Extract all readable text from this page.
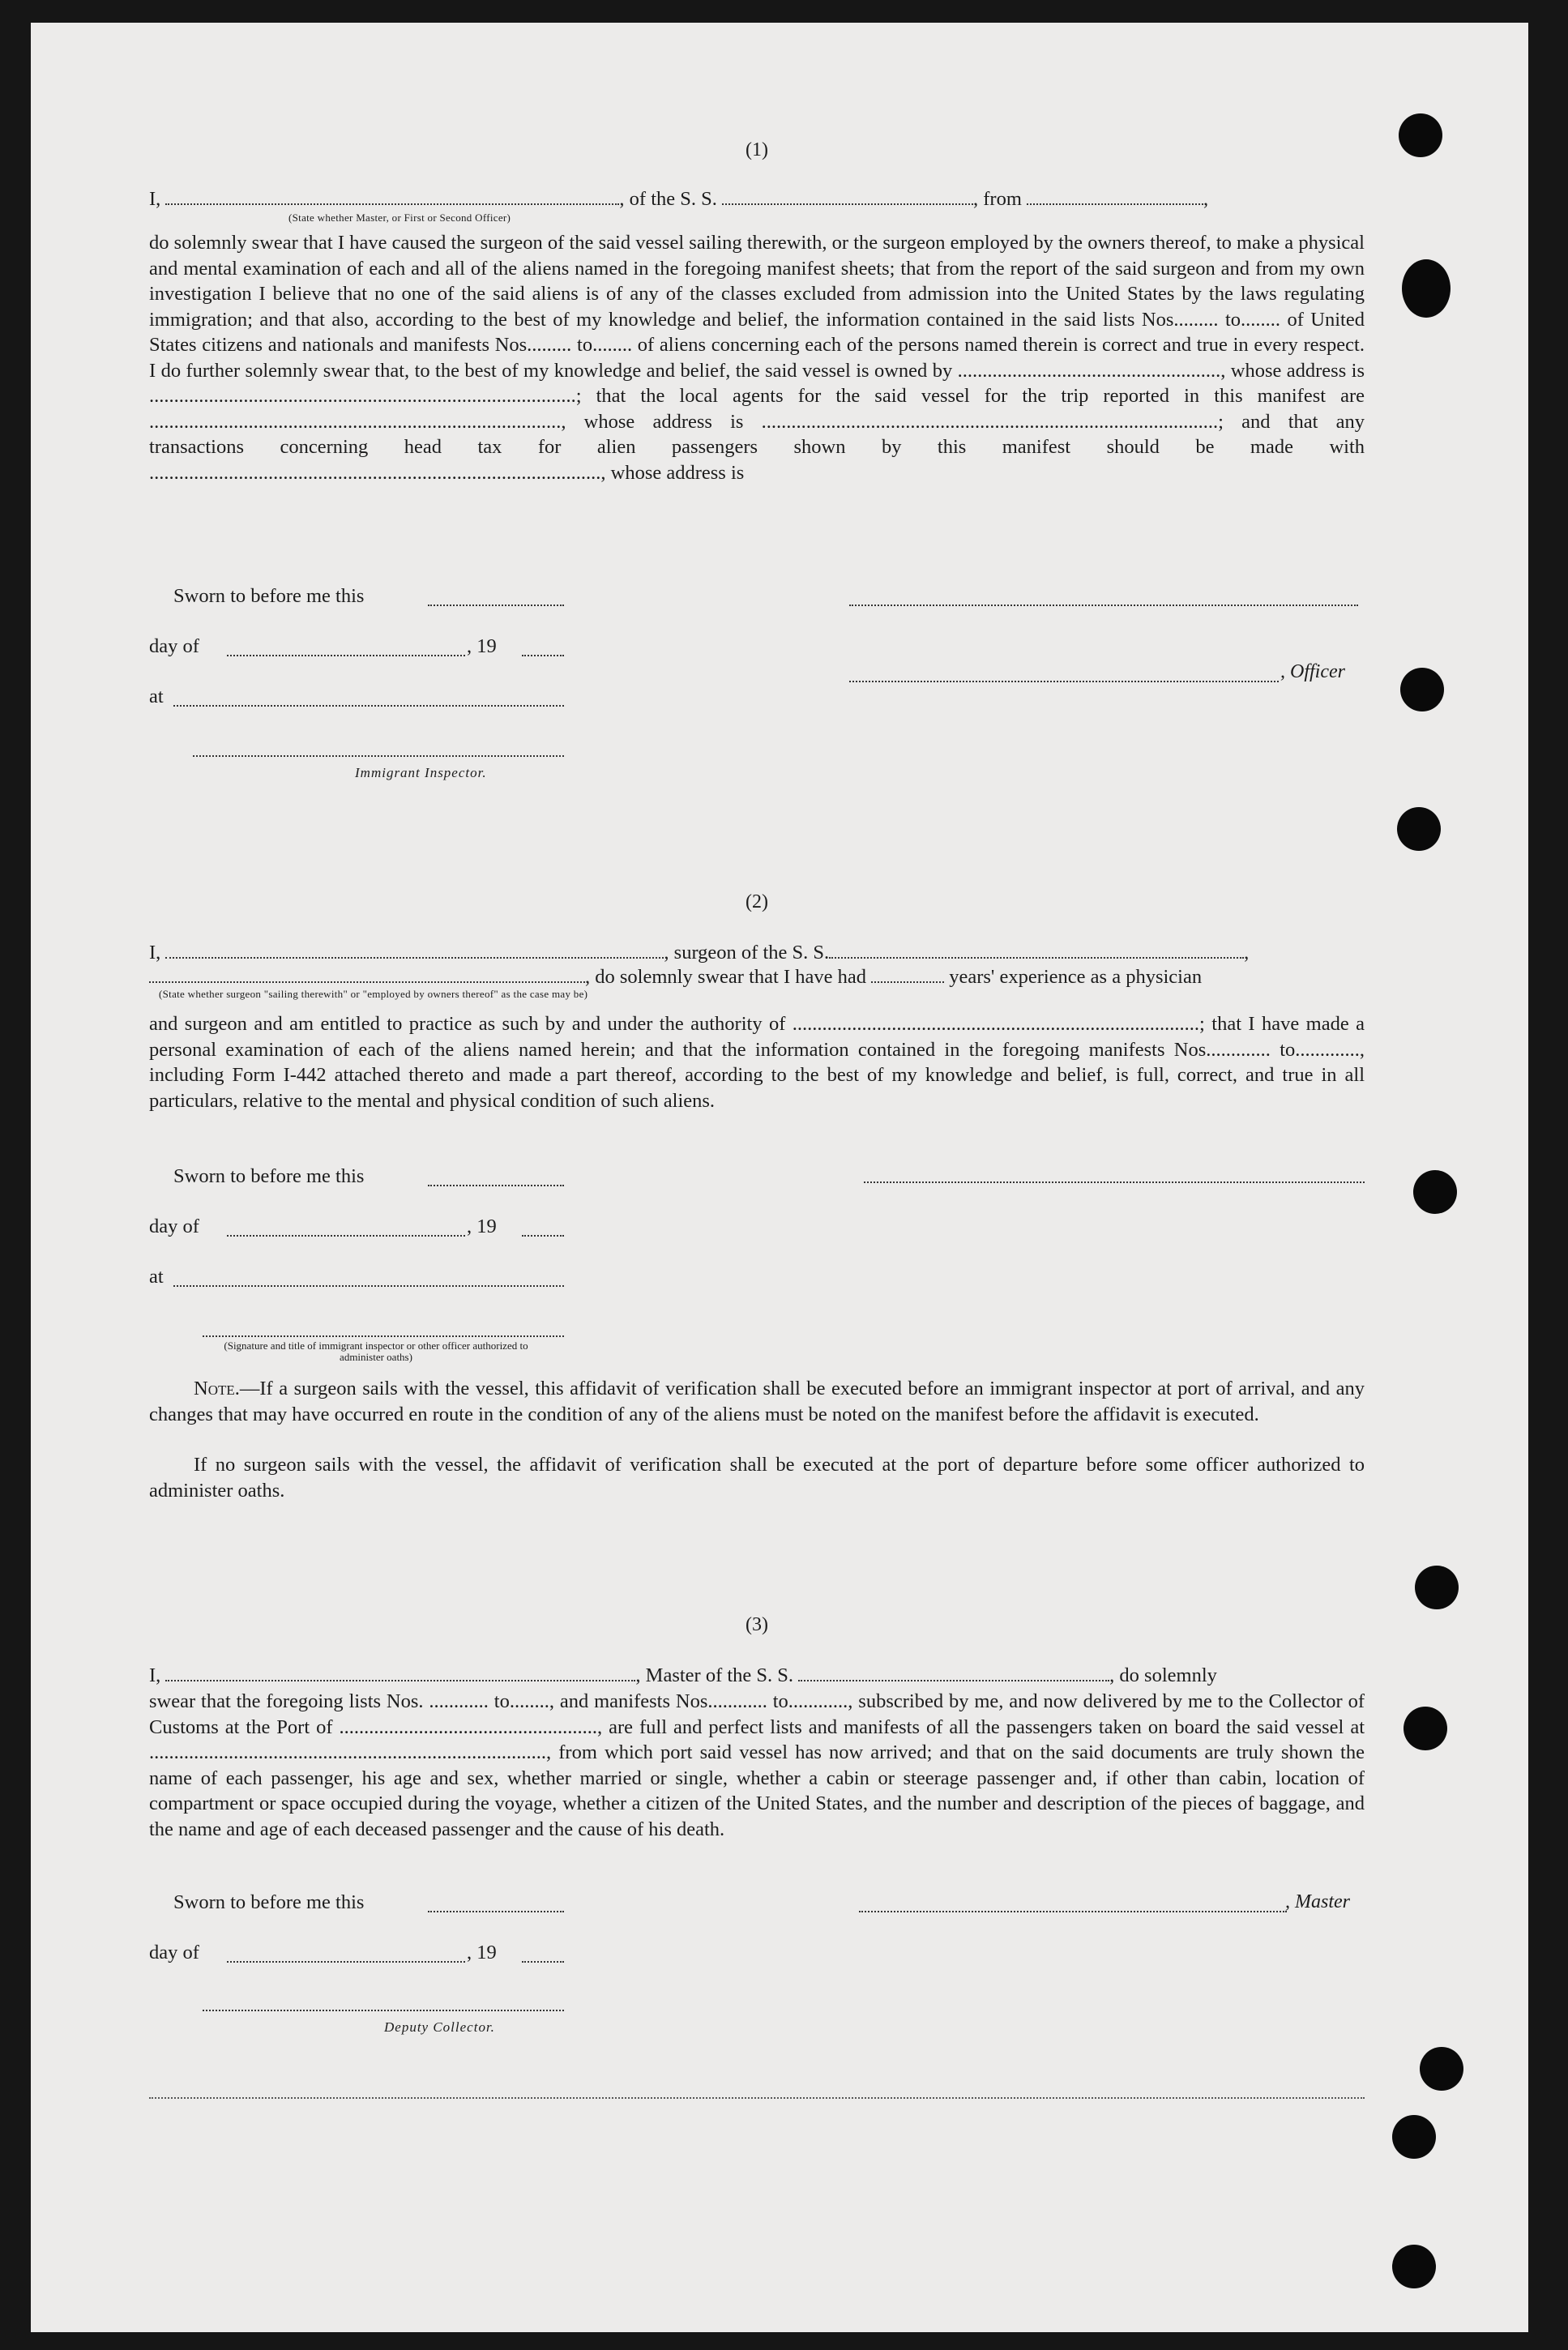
(1)
I,	, of the S. S.	, from	,
(State whether Master, or First or Second Officer)
do solemnly swear that I have caused the surgeon of the said vessel sailing therewith, or the surgeon employed by the owners thereof, to make a physical and mental examination of each and all of the aliens named in the foregoing manifest sheets; that from the report of the said surgeon and from my own investigation I believe that no one of the said aliens is of any of the classes excluded from admission into the United States by the laws regulating immigration; and that also, according to the best of my knowledge and belief, the information contained in the said lists Nos......... to........ of United States citizens and nationals and manifests Nos......... to........ of aliens concerning each of the persons named therein is correct and true in every respect. I do further solemnly swear that, to the best of my knowledge and belief, the said vessel is owned by ....................................................., whose address is ......................................................................................; that the local agents for the said vessel for the trip reported in this manifest are ..................................................................................., whose address is ............................................................................................; and that any transactions concerning head tax for alien passengers shown by this manifest should be made with ..........................................................................................., whose address is
Sworn to before me this
day of	, 19
, Officer
at
Immigrant Inspector.
(2)
I,	, surgeon of the S. S.	,
, do solemnly swear that I have had	years' experience as a physician
(State whether surgeon "sailing therewith" or "employed by owners thereof" as the case may be)
and surgeon and am entitled to practice as such by and under the authority of ..................................................................................; that I have made a personal examination of each of the aliens named herein; and that the information contained in the foregoing manifests Nos............. to............., including Form I-442 attached thereto and made a part thereof, according to the best of my knowledge and belief, is full, correct, and true in all particulars, relative to the mental and physical condition of such aliens.
Sworn to before me this
day of	, 19
at
(Signature and title of immigrant inspector or other officer authorized to administer oaths)
Note.—If a surgeon sails with the vessel, this affidavit of verification shall be executed before an immigrant inspector at port of arrival, and any changes that may have occurred en route in the condition of any of the aliens must be noted on the manifest before the affidavit is executed.
If no surgeon sails with the vessel, the affidavit of verification shall be executed at the port of departure before some officer authorized to administer oaths.
(3)
I,	, Master of the S. S.	, do solemnly
swear that the foregoing lists Nos. ............ to........, and manifests Nos............ to............, subscribed by me, and now delivered by me to the Collector of Customs at the Port of ...................................................., are full and perfect lists and manifests of all the passengers taken on board the said vessel at ................................................................................, from which port said vessel has now arrived; and that on the said documents are truly shown the name of each passenger, his age and sex, whether married or single, whether a cabin or steerage passenger and, if other than cabin, location of compartment or space occupied during the voyage, whether a citizen of the United States, and the number and description of the pieces of baggage, and the name and age of each deceased passenger and the cause of his death.
Sworn to before me this	, Master
day of	, 19
Deputy Collector.
